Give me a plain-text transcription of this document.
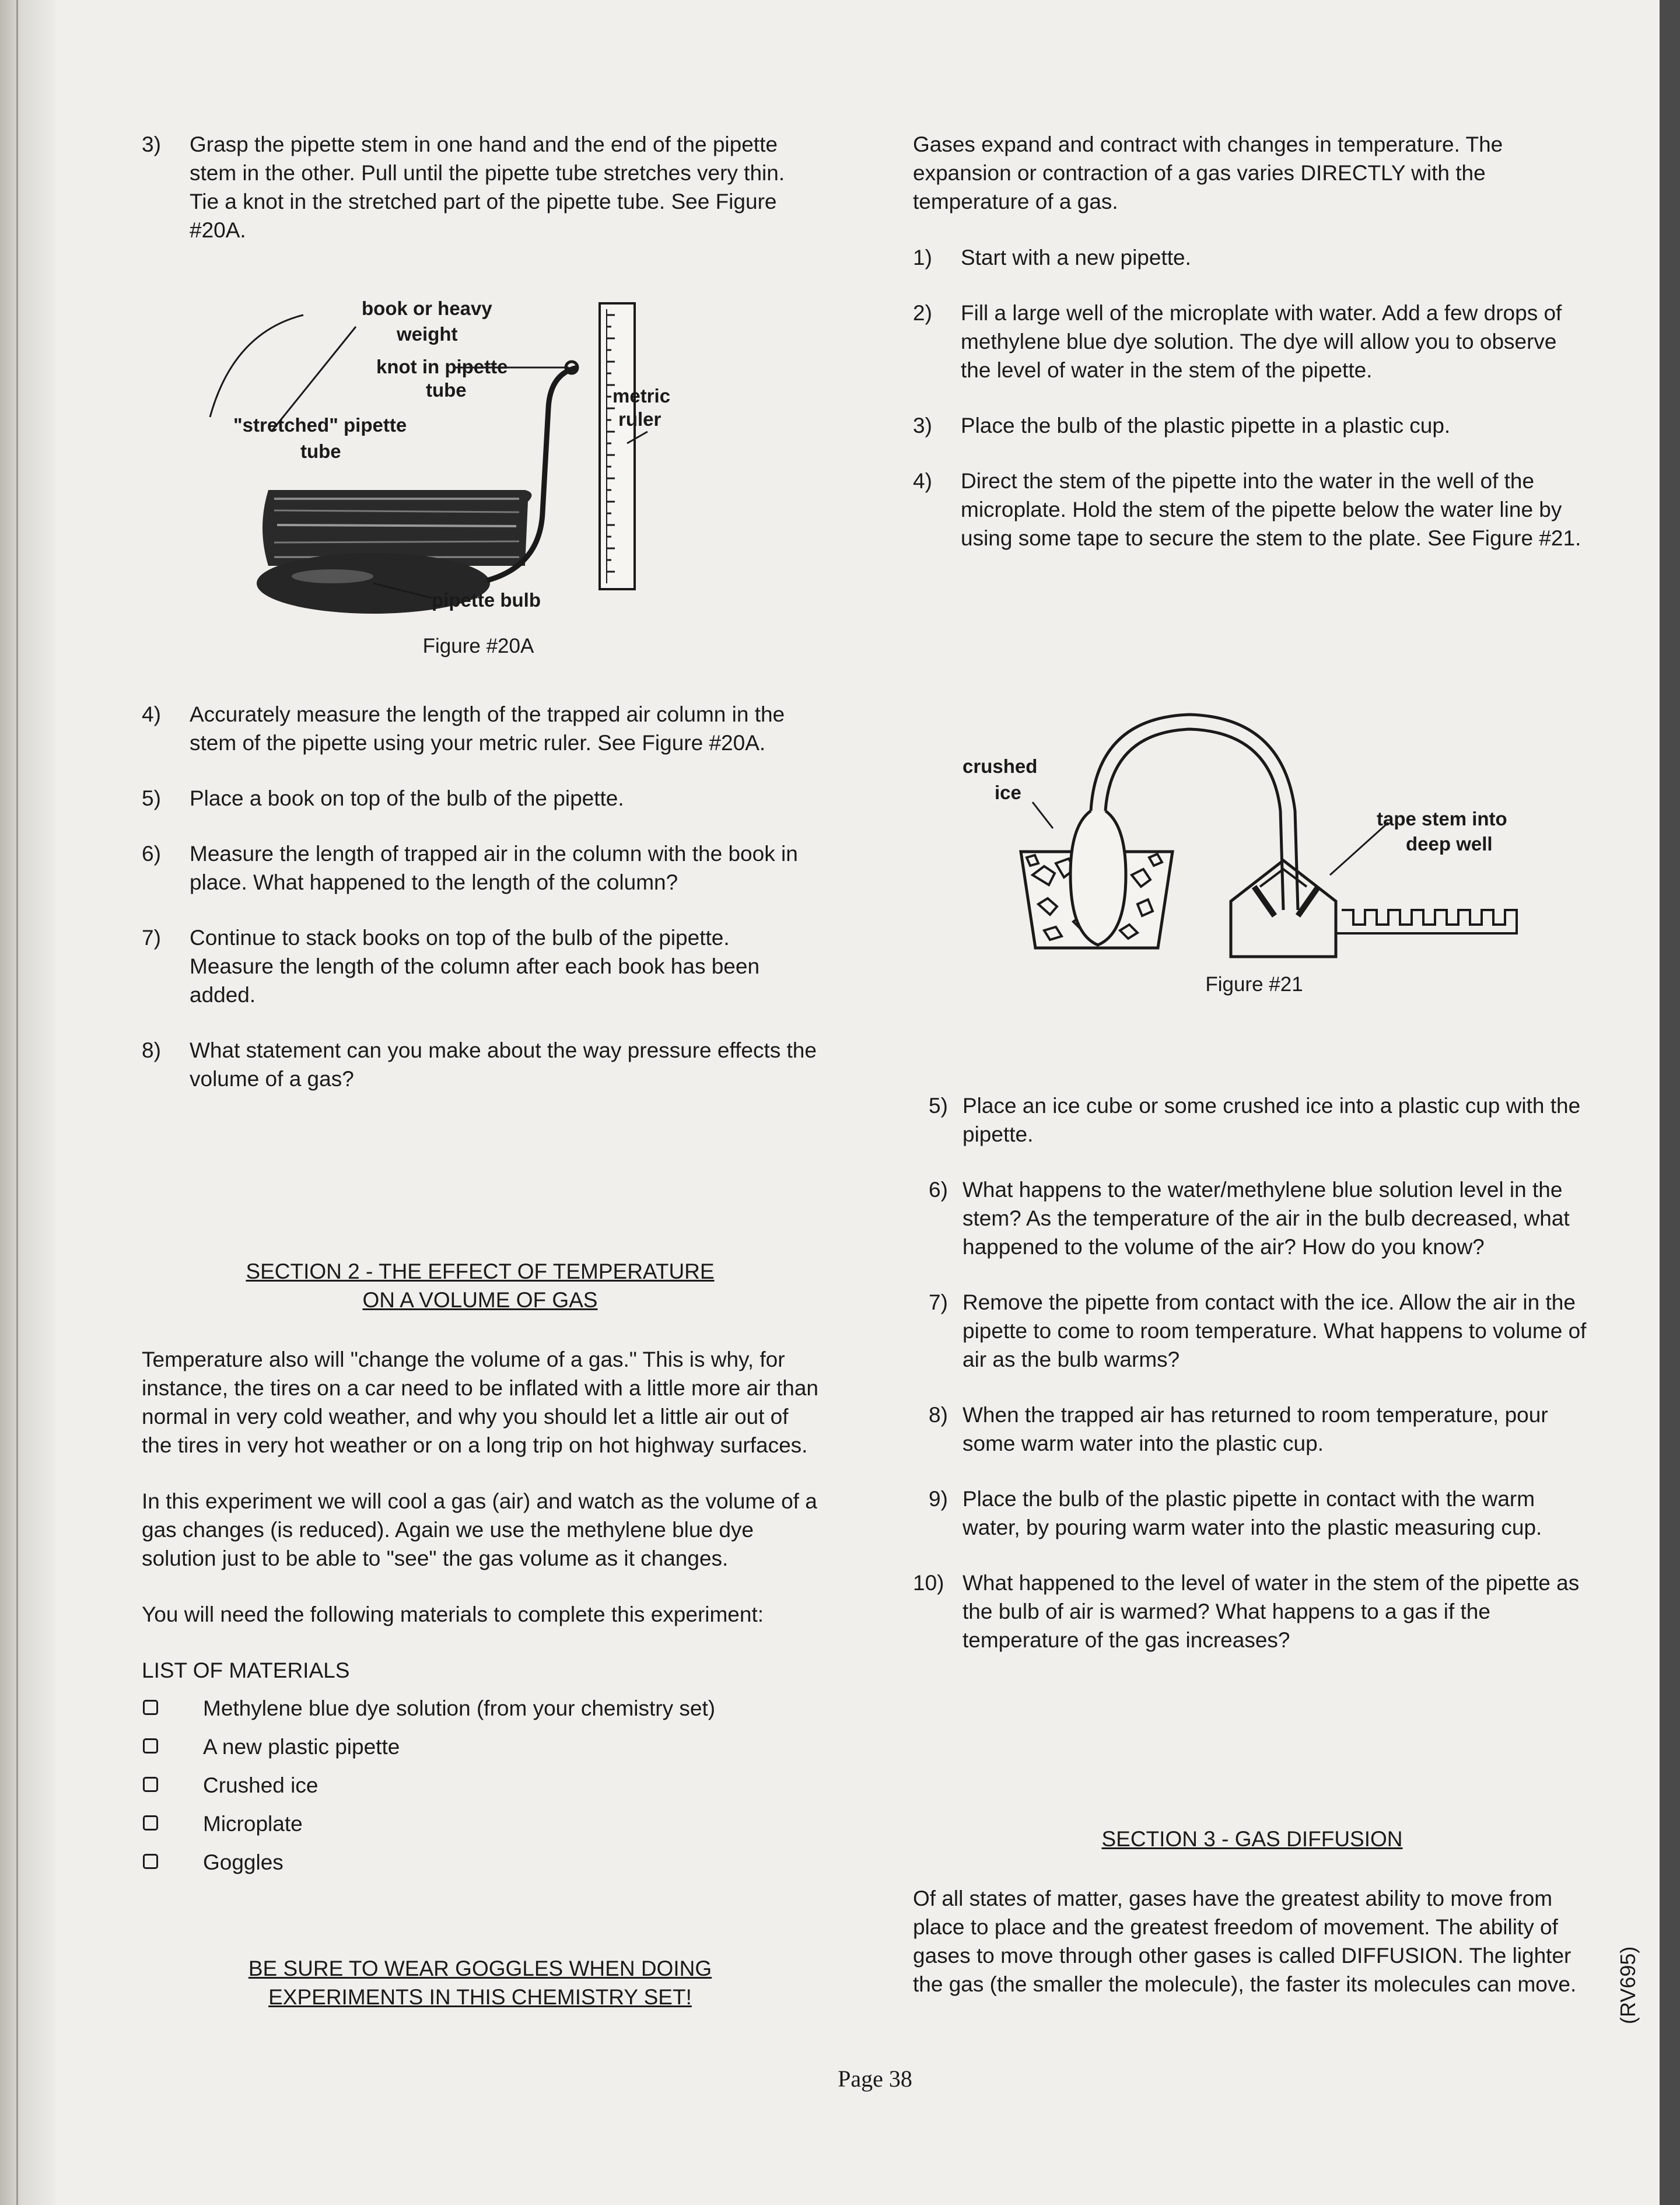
3) Grasp the pipette stem in one hand and the end of the pipette stem in the other. Pull until the pipette tube stretches very thin. Tie a knot in the stretched part of the pipette tube. See Figure #20A.

book or heavy
weight
knot in pipette
tube	metric
ruler
"stretched" pipette
tube
pipette bulb
Figure #20A
4) Accurately measure the length of the trapped air column in the stem of the pipette using your metric ruler. See Figure #20A.

5) Place a book on top of the bulb of the pipette.

6) Measure the length of trapped air in the column with the book in place. What happened to the length of the column?

7) Continue to stack books on top of the bulb of the pipette. Measure the length of the column after each book has been added.

8) What statement can you make about the way pressure effects the volume of a gas?

SECTION 2 - THE EFFECT OF TEMPERATURE

ON A VOLUME OF GAS

Temperature also will "change the volume of a gas." This is why, for instance, the tires on a car need to be inflated with a little more air than normal in very cold weather, and why you should let a little air out of the tires in very hot weather or on a long trip on hot highway surfaces.

In this experiment we will cool a gas (air) and watch as the volume of a gas changes (is reduced). Again we use the methylene blue dye solution just to be able to "see" the gas volume as it changes.

You will need the following materials to complete this experiment:

LIST OF MATERIALS

Methylene blue dye solution (from your chemistry set)
A new plastic pipette
Crushed ice
Microplate
Goggles

BE SURE TO WEAR GOGGLES WHEN DOING

EXPERIMENTS IN THIS CHEMISTRY SET!

Gases expand and contract with changes in temperature. The expansion or contraction of a gas varies DIRECTLY with the temperature of a gas.

1) Start with a new pipette.

2) Fill a large well of the microplate with water. Add a few drops of methylene blue dye solution. The dye will allow you to observe the level of water in the stem of the pipette.

3) Place the bulb of the plastic pipette in a plastic cup.

4) Direct the stem of the pipette into the water in the well of the microplate. Hold the stem of the pipette below the water line by using some tape to secure the stem to the plate. See Figure #21.

crushed
ice
tape stem into
deep well
Figure #21
5) Place an ice cube or some crushed ice into a plastic cup with the pipette.

6) What happens to the water/methylene blue solution level in the stem? As the temperature of the air in the bulb decreased, what happened to the volume of the air? How do you know?

7) Remove the pipette from contact with the ice. Allow the air in the pipette to come to room temperature. What happens to volume of air as the bulb warms?

8) When the trapped air has returned to room temperature, pour some warm water into the plastic cup.

9) Place the bulb of the plastic pipette in contact with the warm water, by pouring warm water into the plastic measuring cup.

10) What happened to the level of water in the stem of the pipette as the bulb of air is warmed? What happens to a gas if the temperature of the gas increases?

SECTION 3 - GAS DIFFUSION

Of all states of matter, gases have the greatest ability to move from place to place and the greatest freedom of movement. The ability of gases to move through other gases is called DIFFUSION. The lighter the gas (the smaller the molecule), the faster its molecules can move.

Page 38
(RV695)
